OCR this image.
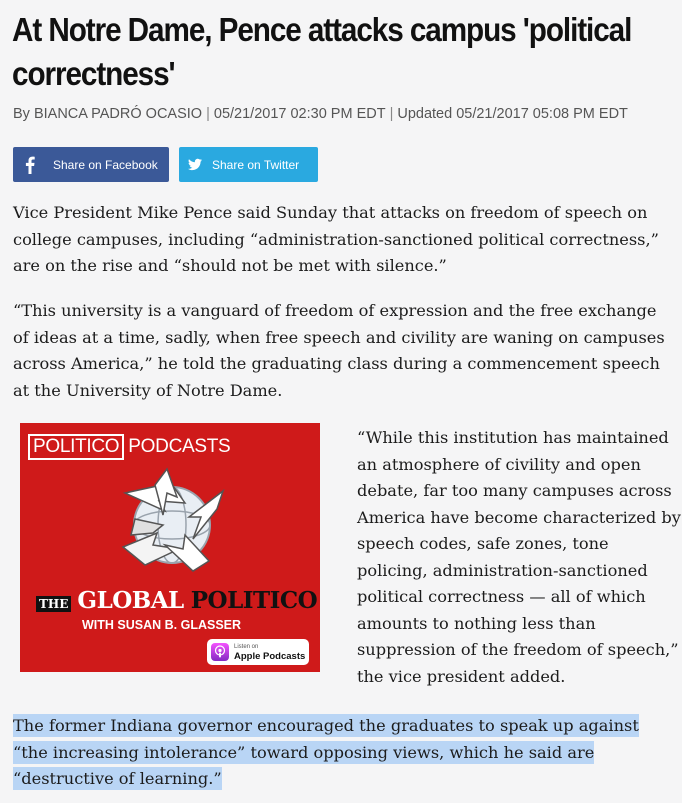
At Notre Dame, Pence attacks campus 'political correctness'
By BIANCA PADRÓ OCASIO | 05/21/2017 02:30 PM EDT | Updated 05/21/2017 05:08 PM EDT
Share on Facebook	Share on Twitter

Vice President Mike Pence said Sunday that attacks on freedom of speech on college campuses, including “administration-sanctioned political correctness,” are on the rise and “should not be met with silence.”

“This university is a vanguard of freedom of expression and the free exchange of ideas at a time, sadly, when free speech and civility are waning on campuses across America,” he told the graduating class during a commencement speech at the University of Notre Dame.

POLITICO PODCASTS
THE GLOBAL POLITICO
WITH SUSAN B. GLASSER
Listen on
Apple Podcasts

“While this institution has maintained an atmosphere of civility and open debate, far too many campuses across America have become characterized by speech codes, safe zones, tone policing, administration-sanctioned political correctness — all of which amounts to nothing less than suppression of the freedom of speech,” the vice president added.

The former Indiana governor encouraged the graduates to speak up against “the increasing intolerance” toward opposing views, which he said are “destructive of learning.”
